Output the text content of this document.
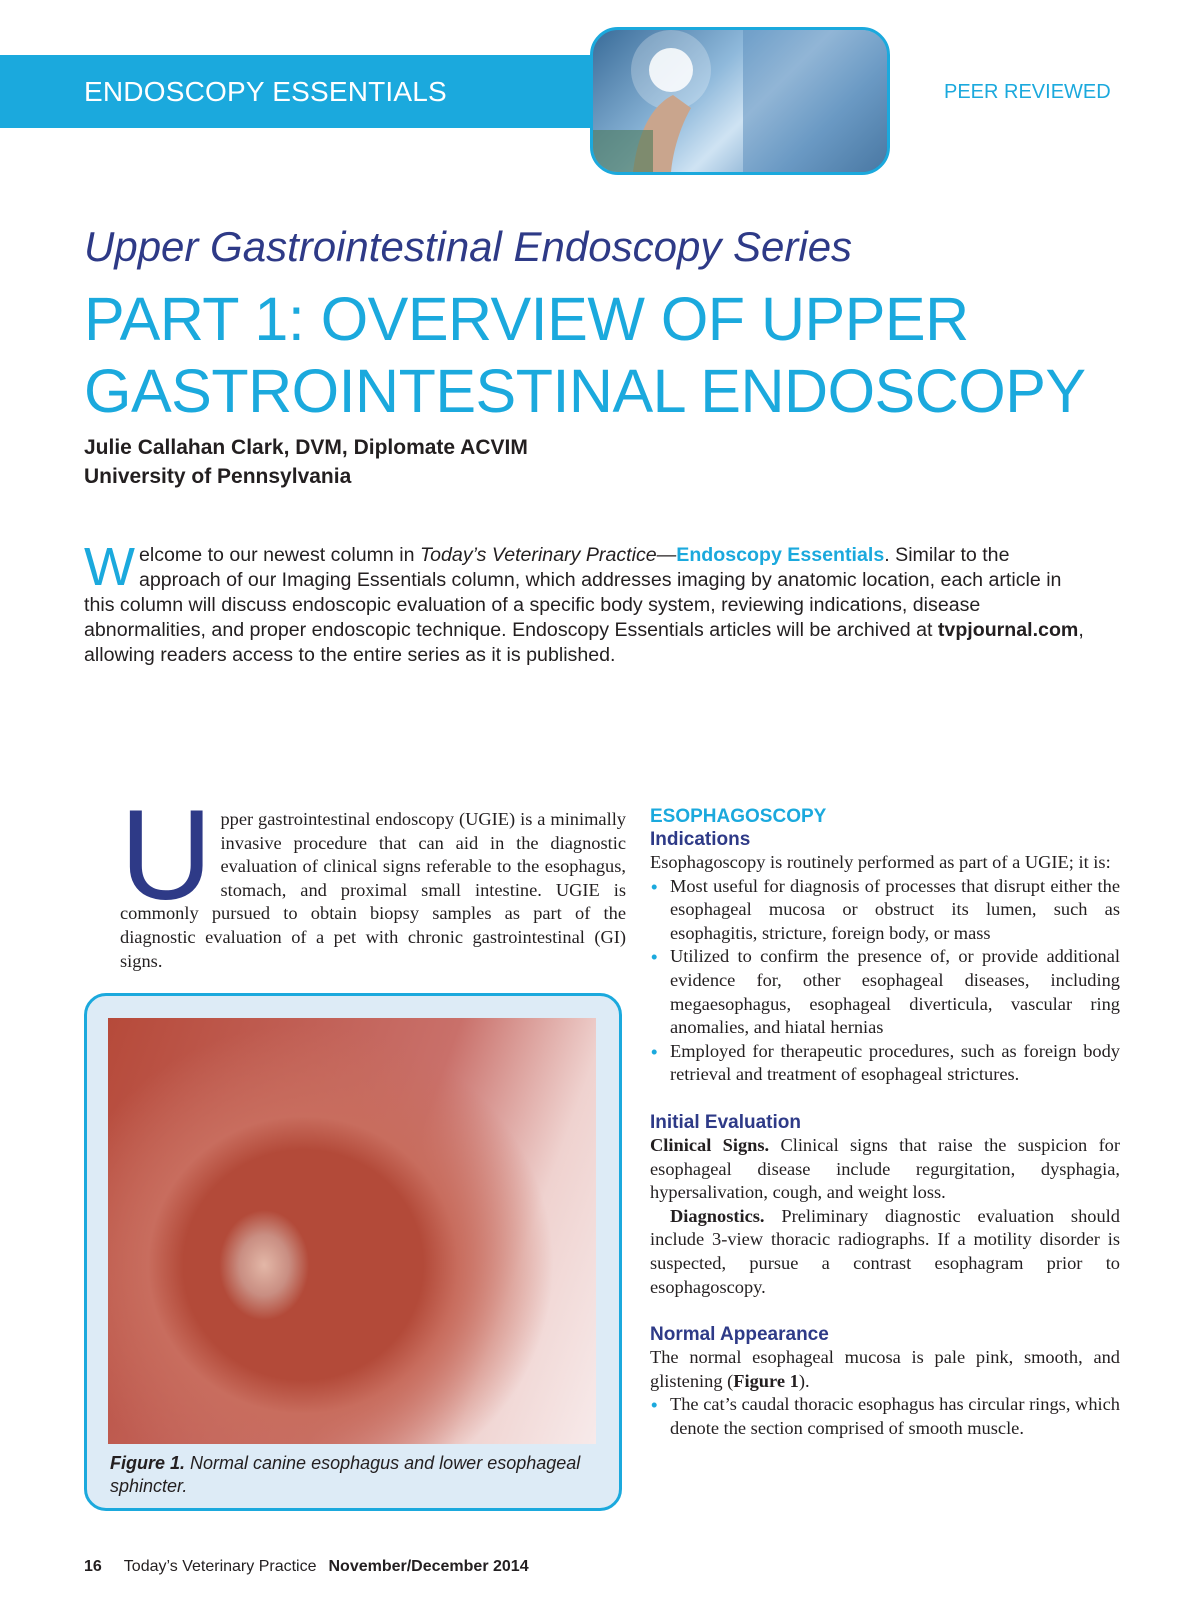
ENDOSCOPY ESSENTIALS	PEER REVIEWED
Upper Gastrointestinal Endoscopy Series
PART 1: OVERVIEW OF UPPER
GASTROINTESTINAL ENDOSCOPY
Julie Callahan Clark, DVM, Diplomate ACVIM
University of Pennsylvania
Welcome to our newest column in Today’s Veterinary Practice—Endoscopy Essentials. Similar to the approach of our Imaging Essentials column, which addresses imaging by anatomic location, each article in this column will discuss endoscopic evaluation of a specific body system, reviewing indications, disease abnormalities, and proper endoscopic technique. Endoscopy Essentials articles will be archived at tvpjournal.com, allowing readers access to the entire series as it is published.
Upper gastrointestinal endoscopy (UGIE) is a minimally invasive procedure that can aid in the diagnostic evaluation of clinical signs referable to the esophagus, stomach, and proximal small intestine. UGIE is commonly pursued to obtain biopsy samples as part of the diagnostic evaluation of a pet with chronic gastrointestinal (GI) signs.
Figure 1. Normal canine esophagus and lower esophageal sphincter.
ESOPHAGOSCOPY
Indications

Esophagoscopy is routinely performed as part of a UGIE; it is:

• Most useful for diagnosis of processes that disrupt either the esophageal mucosa or obstruct its lumen, such as esophagitis, stricture, foreign body, or mass
• Utilized to confirm the presence of, or provide additional evidence for, other esophageal diseases, including megaesophagus, esophageal diverticula, vascular ring anomalies, and hiatal hernias
• Employed for therapeutic procedures, such as foreign body retrieval and treatment of esophageal strictures.
Initial Evaluation

Clinical Signs. Clinical signs that raise the suspicion for esophageal disease include regurgitation, dysphagia, hypersalivation, cough, and weight loss.

Diagnostics. Preliminary diagnostic evaluation should include 3-view thoracic radiographs. If a motility disorder is suspected, pursue a contrast esophagram prior to esophagoscopy.

Normal Appearance

The normal esophageal mucosa is pale pink, smooth, and glistening (Figure 1).

• The cat’s caudal thoracic esophagus has circular rings, which denote the section comprised of smooth muscle.
16 Today’s Veterinary Practice November/December 2014
